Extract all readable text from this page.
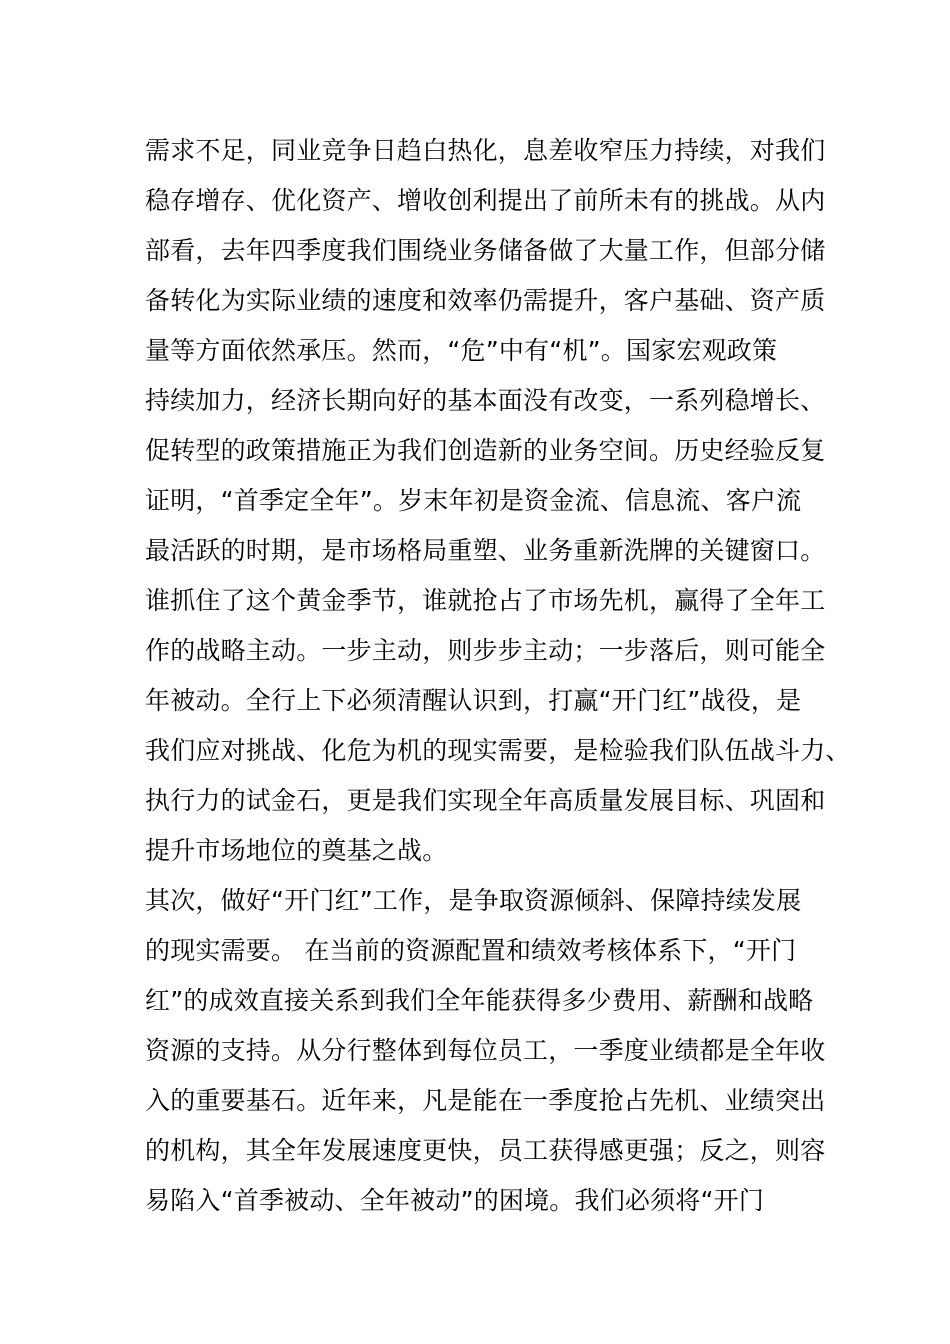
需求不足，同业竞争日趋白热化，息差收窄压力持续，对我们
稳存增存、优化资产、增收创利提出了前所未有的挑战。从内
部看，去年四季度我们围绕业务储备做了大量工作，但部分储
备转化为实际业绩的速度和效率仍需提升，客户基础、资产质
量等方面依然承压。然而，“危”中有“机”。国家宏观政策
持续加力，经济长期向好的基本面没有改变，一系列稳增长、
促转型的政策措施正为我们创造新的业务空间。历史经验反复
证明，“首季定全年”。岁末年初是资金流、信息流、客户流
最活跃的时期，是市场格局重塑、业务重新洗牌的关键窗口。
谁抓住了这个黄金季节，谁就抢占了市场先机，赢得了全年工
作的战略主动。一步主动，则步步主动；一步落后，则可能全
年被动。全行上下必须清醒认识到，打赢“开门红”战役，是
我们应对挑战、化危为机的现实需要，是检验我们队伍战斗力、
执行力的试金石，更是我们实现全年高质量发展目标、巩固和
提升市场地位的奠基之战。
其次，做好“开门红”工作，是争取资源倾斜、保障持续发展
的现实需要。 在当前的资源配置和绩效考核体系下，“开门
红”的成效直接关系到我们全年能获得多少费用、薪酬和战略
资源的支持。从分行整体到每位员工，一季度业绩都是全年收
入的重要基石。近年来，凡是能在一季度抢占先机、业绩突出
的机构，其全年发展速度更快，员工获得感更强；反之，则容
易陷入“首季被动、全年被动”的困境。我们必须将“开门
